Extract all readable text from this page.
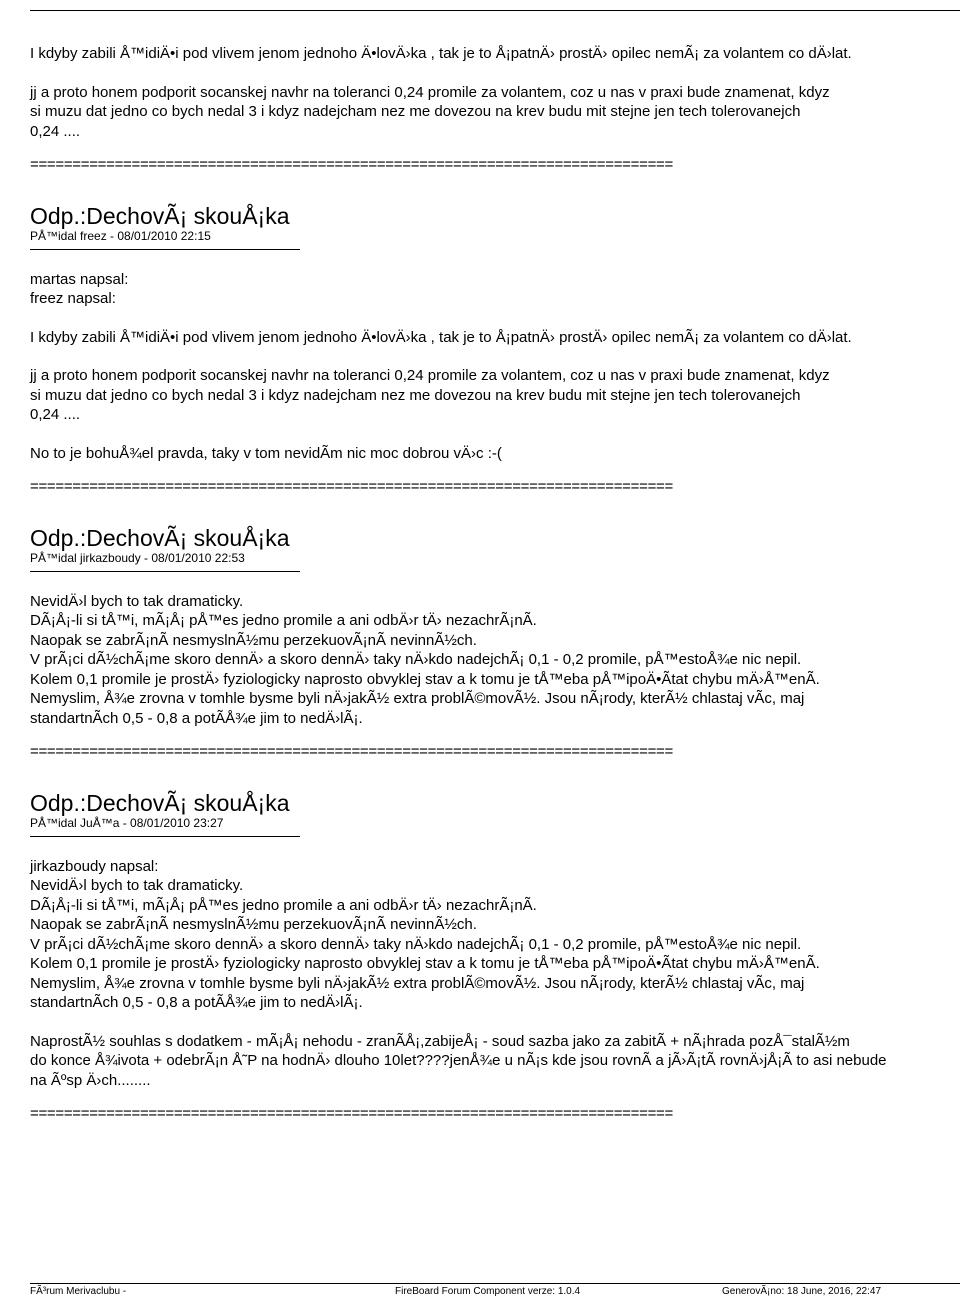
I kdyby zabili Å™idiÄ•i pod vlivem jenom jednoho Ä•lovÄ›ka , tak je to Å¡patnÄ› prostÄ› opilec nemÃ¡ za volantem co dÄ›lat.
jj a proto honem podporit socanskej navhr na toleranci 0,24 promile za volantem, coz u nas v praxi bude znamenat, kdyz
si muzu dat jedno co bych nedal 3 i kdyz nadejcham nez me dovezou na krev budu mit stejne jen tech tolerovanejch
0,24 ....
============================================================================
Odp.:DechovÃ¡ skouÅ¡ka
PÅ™idal freez - 08/01/2010 22:15
martas napsal:
freez napsal:
I kdyby zabili Å™idiÄ•i pod vlivem jenom jednoho Ä•lovÄ›ka , tak je to Å¡patnÄ› prostÄ› opilec nemÃ¡ za volantem co dÄ›lat.
jj a proto honem podporit socanskej navhr na toleranci 0,24 promile za volantem, coz u nas v praxi bude znamenat, kdyz
si muzu dat jedno co bych nedal 3 i kdyz nadejcham nez me dovezou na krev budu mit stejne jen tech tolerovanejch
0,24 ....
No to je bohuÅ¾el pravda, taky v tom nevidÃm nic moc dobrou vÄ›c :-(
============================================================================
Odp.:DechovÃ¡ skouÅ¡ka
PÅ™idal jirkazboudy - 08/01/2010 22:53
NevidÄ›l bych to tak dramaticky.
DÃ¡Å¡-li si tÅ™i, mÃ¡Å¡ pÅ™es jedno promile a ani odbÄ›r tÄ› nezachrÃ¡nÃ.
Naopak se zabrÃ¡nÃ nesmyslnÃ½mu perzekuovÃ¡nÃ nevinnÃ½ch.
V prÃ¡ci dÃ½chÃ¡me skoro dennÄ› a skoro dennÄ› taky nÄ›kdo nadejchÃ¡ 0,1 - 0,2 promile, pÅ™estoÅ¾e nic nepil.
Kolem 0,1 promile je prostÄ› fyziologicky naprosto obvyklej stav a k tomu je tÅ™eba pÅ™ipoÄ•Ãtat chybu mÄ›Å™enÃ.
Nemyslim, Å¾e zrovna v tomhle bysme byli nÄ›jakÃ½ extra problÃ©movÃ½. Jsou nÃ¡rody, kterÃ½ chlastaj vÃc, maj
standartnÃch 0,5 - 0,8 a potÃÅ¾e jim to nedÄ›lÃ¡.
============================================================================
Odp.:DechovÃ¡ skouÅ¡ka
PÅ™idal JuÅ™a - 08/01/2010 23:27
jirkazboudy napsal:
NevidÄ›l bych to tak dramaticky.
DÃ¡Å¡-li si tÅ™i, mÃ¡Å¡ pÅ™es jedno promile a ani odbÄ›r tÄ› nezachrÃ¡nÃ.
Naopak se zabrÃ¡nÃ nesmyslnÃ½mu perzekuovÃ¡nÃ nevinnÃ½ch.
V prÃ¡ci dÃ½chÃ¡me skoro dennÄ› a skoro dennÄ› taky nÄ›kdo nadejchÃ¡ 0,1 - 0,2 promile, pÅ™estoÅ¾e nic nepil.
Kolem 0,1 promile je prostÄ› fyziologicky naprosto obvyklej stav a k tomu je tÅ™eba pÅ™ipoÄ•Ãtat chybu mÄ›Å™enÃ.
Nemyslim, Å¾e zrovna v tomhle bysme byli nÄ›jakÃ½ extra problÃ©movÃ½. Jsou nÃ¡rody, kterÃ½ chlastaj vÃc, maj
standartnÃch 0,5 - 0,8 a potÃÅ¾e jim to nedÄ›lÃ¡.
NaprostÃ½ souhlas s dodatkem - mÃ¡Å¡ nehodu - zranÃÅ¡,zabijeÅ¡ - soud sazba jako za zabitÃ + nÃ¡hrada pozÅ¯stalÃ½m
do konce Å¾ivota + odebrÃ¡n Å˜P na hodnÄ› dlouho 10let????jenÅ¾e u nÃ¡s kde jsou rovnÃ a jÃ›Ã¡tÃ rovnÄ›jÅ¡Ã to asi nebude
na Ãºsp Ä›ch........
============================================================================
FÃ³rum Merivaclubu -	FireBoard Forum Component verze: 1.0.4	GenerovÃ¡no: 18 June, 2016, 22:47
